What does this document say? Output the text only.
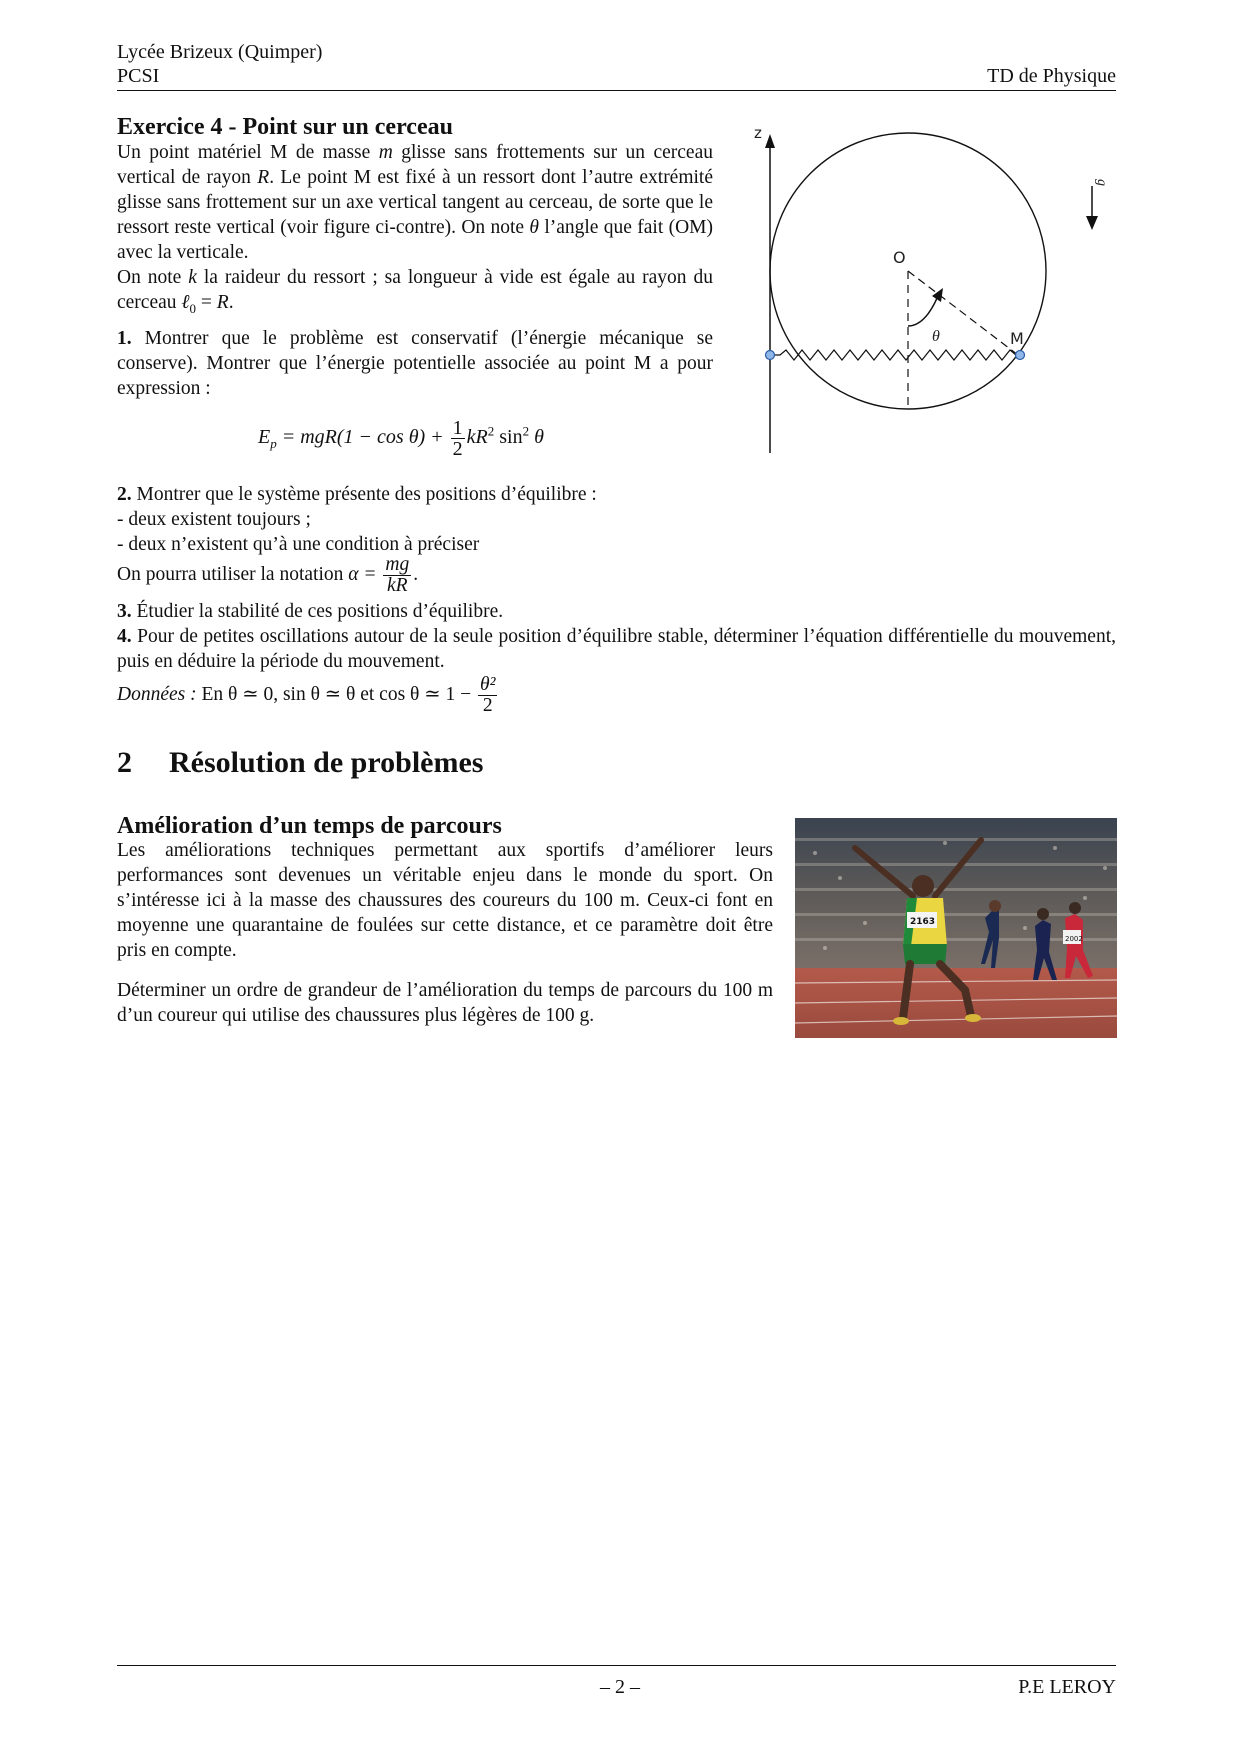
Lycée Brizeux (Quimper)
PCSI	TD de Physique
Exercice 4 - Point sur un cerceau
Un point matériel M de masse m glisse sans frottements sur un cerceau vertical de rayon R. Le point M est fixé à un ressort dont l’autre extrémité glisse sans frottement sur un axe vertical tangent au cerceau, de sorte que le ressort reste vertical (voir figure ci-contre). On note θ l’angle que fait (OM) avec la verticale.
On note k la raideur du ressort ; sa longueur à vide est égale au rayon du cerceau ℓ$_0$ = R.
1. Montrer que le problème est conservatif (l’énergie mécanique se conserve). Montrer que l’énergie potentielle associée au point M a pour expression :
$E_p = mgR(1 - \cos \theta) + \frac{1}{2} kR^2$ $\sin^2 \theta$
z
O
θ	M
g
2. Montrer que le système présente des positions d’équilibre :
- deux existent toujours ;
- deux n’existent qu’à une condition à préciser
On pourra utiliser la notation $\alpha = \frac{mg}{kR}$ .
3. Étudier la stabilité de ces positions d’équilibre.
4. Pour de petites oscillations autour de la seule position d’équilibre stable, déterminer l’équation différentielle du mouvement, puis en déduire la période du mouvement.
Données : En θ ≃ 0, sin θ ≃ θ et cos θ ≃ $1 - \frac{\text{θ²}}{2}$
2 Résolution de problèmes
Amélioration d’un temps de parcours
Les améliorations techniques permettant aux sportifs d’améliorer leurs performances sont devenues un véritable enjeu dans le monde du sport. On s’intéresse ici à la masse des chaussures des coureurs du 100 m. Ceux-ci font en moyenne une quarantaine de foulées sur cette distance, et ce paramètre doit être pris en compte.
Déterminer un ordre de grandeur de l’amélioration du temps de parcours du 100 m d’un coureur qui utilise des chaussures plus légères de 100 g.
2002
2163
– 2 –	P.E LEROY
